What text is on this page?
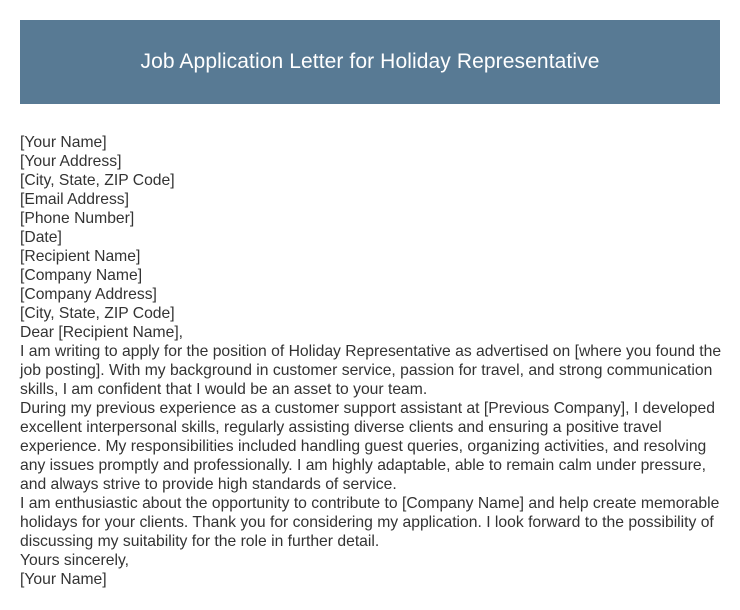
Job Application Letter for Holiday Representative

[Your Name]

[Your Address]

[City, State, ZIP Code]

[Email Address]

[Phone Number]

[Date]

[Recipient Name]

[Company Name]

[Company Address]

[City, State, ZIP Code]

Dear [Recipient Name],

I am writing to apply for the position of Holiday Representative as advertised on [where you found the job posting]. With my background in customer service, passion for travel, and strong communication skills, I am confident that I would be an asset to your team.

During my previous experience as a customer support assistant at [Previous Company], I developed excellent interpersonal skills, regularly assisting diverse clients and ensuring a positive travel experience. My responsibilities included handling guest queries, organizing activities, and resolving any issues promptly and professionally. I am highly adaptable, able to remain calm under pressure, and always strive to provide high standards of service.

I am enthusiastic about the opportunity to contribute to [Company Name] and help create memorable holidays for your clients. Thank you for considering my application. I look forward to the possibility of discussing my suitability for the role in further detail.

Yours sincerely,

[Your Name]
